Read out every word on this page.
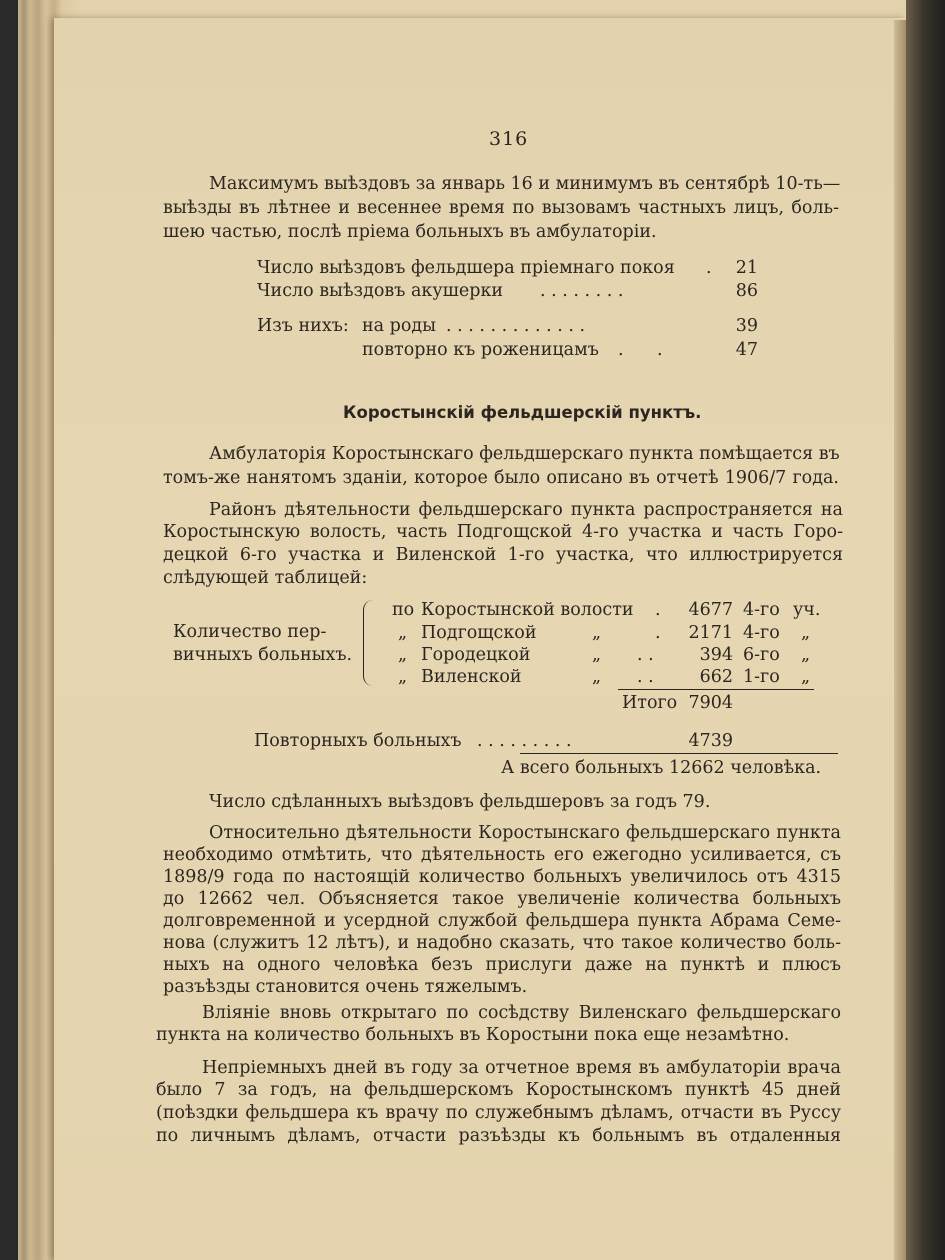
316

Максимумъ выѣздовъ за январь 16 и минимумъ въ сентябрѣ 10-ть—

выѣзды въ лѣтнее и весеннее время по вызовамъ частныхъ лицъ, боль-

шею частью, послѣ пріема больныхъ въ амбулаторіи.

Число выѣздовъ фельдшера пріемнаго покоя .	21

Число выѣздовъ акушерки . . . . . . . .	86

Изъ нихъ: на роды . . . . . . . . . . . . .	39

повторно къ роженицамъ .      .	47

Коростынскій фельдшерскій пунктъ.

Амбулаторія Коростынскаго фельдшерскаго пункта помѣщается въ

томъ-же нанятомъ зданіи, которое было описано въ отчетѣ 1906/7 года.

Районъ дѣятельности фельдшерскаго пункта распространяется на

Коростынскую волость, часть Подгощской 4-го участка и часть Горо-

децкой 6-го участка и Виленской 1-го участка, что иллюстрируется

слѣдующей таблицей:

Количество пер-

вичныхъ больныхъ.

по Коростынской волости .	4677 4-го уч.

„ Подгощской	„	.	2171 4-го „

„ Городецкой	„ . .	394 6-го „

„ Виленской	„ . .	662 1-го „

Итого 7904

Повторныхъ больныхъ . . . . . . . . .	4739

А всего больныхъ 12662 человѣка.

Число сдѣланныхъ выѣздовъ фельдшеровъ за годъ 79.

Относительно дѣятельности Коростынскаго фельдшерскаго пункта

необходимо отмѣтить, что дѣятельность его ежегодно усиливается, съ

1898/9 года по настоящій количество больныхъ увеличилось отъ 4315

до 12662 чел. Объясняется такое увеличеніе количества больныхъ

долговременной и усердной службой фельдшера пункта Абрама Семе-

нова (служитъ 12 лѣтъ), и надобно сказать, что такое количество боль-

ныхъ на одного человѣка безъ прислуги даже на пунктѣ и плюсъ

разъѣзды становится очень тяжелымъ.

Вліяніе вновь открытаго по сосѣдству Виленскаго фельдшерскаго

пункта на количество больныхъ въ Коростыни пока еще незамѣтно.

Непріемныхъ дней въ году за отчетное время въ амбулаторіи врача

было 7 за годъ, на фельдшерскомъ Коростынскомъ пунктѣ 45 дней

(поѣздки фельдшера къ врачу по служебнымъ дѣламъ, отчасти въ Руссу

по личнымъ дѣламъ, отчасти разъѣзды къ больнымъ въ отдаленныя
